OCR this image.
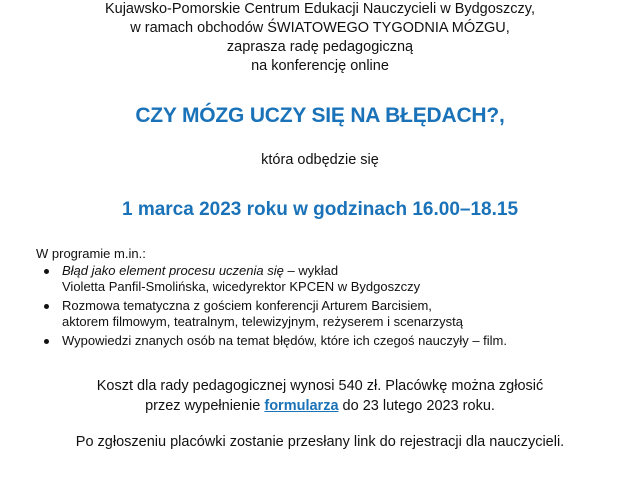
Kujawsko-Pomorskie Centrum Edukacji Nauczycieli w Bydgoszczy,
w ramach obchodów ŚWIATOWEGO TYGODNIA MÓZGU,
zaprasza radę pedagogiczną
na konferencję online
CZY MÓZG UCZY SIĘ NA BŁĘDACH?,
która odbędzie się
1 marca 2023 roku w godzinach 16.00–18.15
W programie m.in.:
Błąd jako element procesu uczenia się – wykład
Violetta Panfil-Smolińska, wicedyrektor KPCEN w Bydgoszczy
Rozmowa tematyczna z gościem konferencji Arturem Barcisiem,
aktorem filmowym, teatralnym, telewizyjnym, reżyserem i scenarzystą
Wypowiedzi znanych osób na temat błędów, które ich czegoś nauczyły – film.
Koszt dla rady pedagogicznej wynosi 540 zł. Placówkę można zgłosić
przez wypełnienie formularza do 23 lutego 2023 roku.
Po zgłoszeniu placówki zostanie przesłany link do rejestracji dla nauczycieli.
